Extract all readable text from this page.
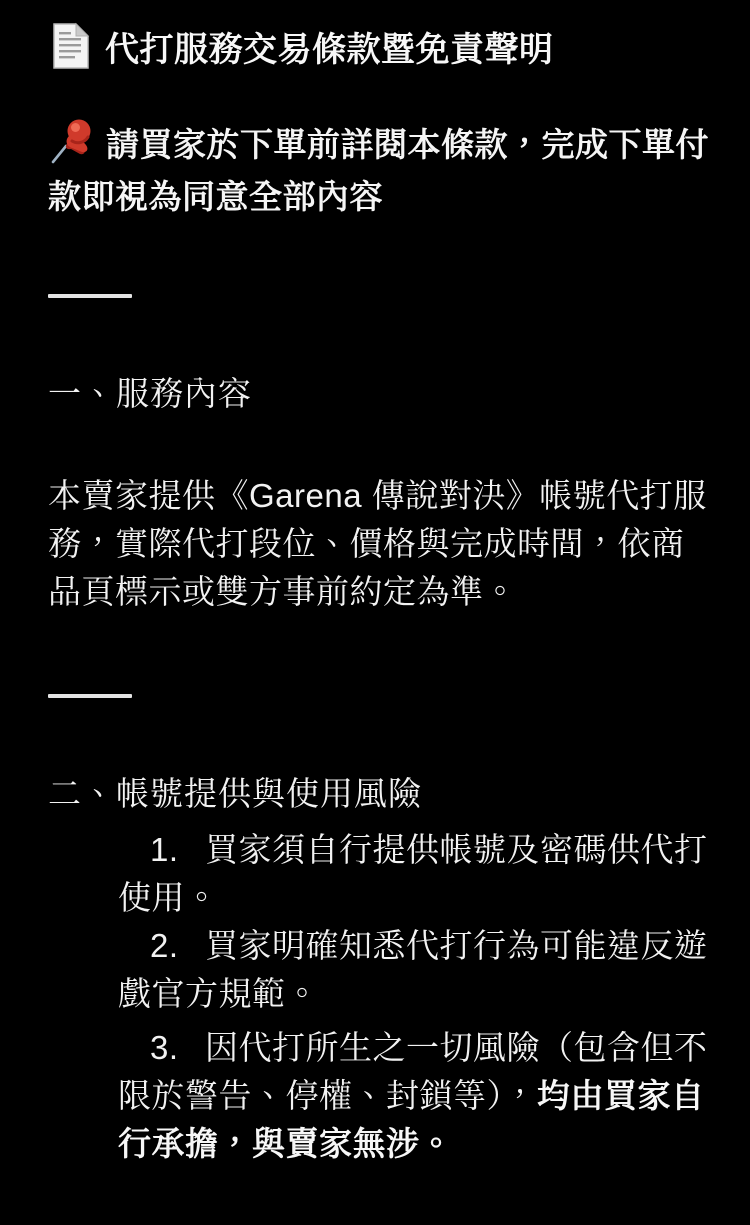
代打服務交易條款暨免責聲明

請買家於下單前詳閱本條款，完成下單付款即視為同意全部內容

一、服務內容

本賣家提供《Garena 傳說對決》帳號代打服務，實際代打段位、價格與完成時間，依商品頁標示或雙方事前約定為準。

二、帳號提供與使用風險
1. 買家須自行提供帳號及密碼供代打使用。
2. 買家明確知悉代打行為可能違反遊戲官方規範。
3. 因代打所生之一切風險（包含但不限於警告、停權、封鎖等），均由買家自行承擔，與賣家無涉。
